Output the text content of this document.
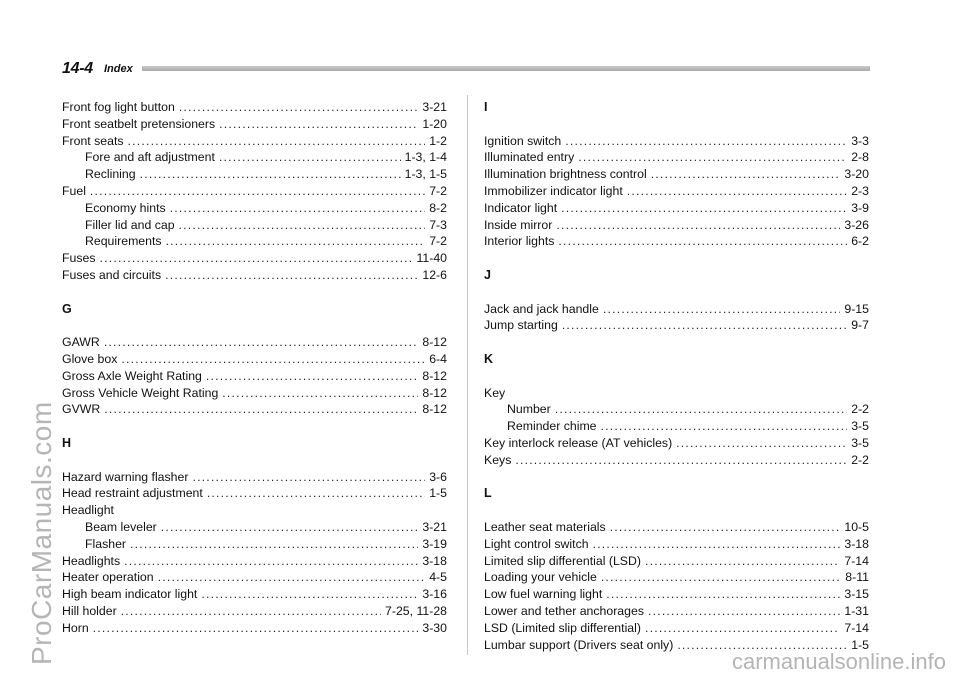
14-4 Index
Front fog light button .....	3-21
Front seatbelt pretensioners .....	1-20
Front seats .....	1-2
Fore and aft adjustment .....	1-3, 1-4
Reclining .....	1-3, 1-5
Fuel .....	7-2
Economy hints .....	8-2
Filler lid and cap .....	7-3
Requirements .....	7-2
Fuses .....	11-40
Fuses and circuits .....	12-6
G
GAWR .....	8-12
Glove box .....	6-4
Gross Axle Weight Rating .....	8-12
Gross Vehicle Weight Rating .....	8-12
GVWR .....	8-12
H
Hazard warning flasher .....	3-6
Head restraint adjustment .....	1-5
Headlight
Beam leveler .....	3-21
Flasher .....	3-19
Headlights .....	3-18
Heater operation .....	4-5
High beam indicator light .....	3-16
Hill holder .....	7-25, 11-28
Horn .....	3-30
I
Ignition switch .....	3-3
Illuminated entry .....	2-8
Illumination brightness control .....	3-20
Immobilizer indicator light .....	2-3
Indicator light .....	3-9
Inside mirror .....	3-26
Interior lights .....	6-2
J
Jack and jack handle .....	9-15
Jump starting .....	9-7
K
Key
Number .....	2-2
Reminder chime .....	3-5
Key interlock release (AT vehicles) .....	3-5
Keys .....	2-2
L
Leather seat materials .....	10-5
Light control switch .....	3-18
Limited slip differential (LSD) .....	7-14
Loading your vehicle .....	8-11
Low fuel warning light .....	3-15
Lower and tether anchorages .....	1-31
LSD (Limited slip differential) .....	7-14
Lumbar support (Drivers seat only) .....	1-5
ProCarManuals.com	carmanualsonline.info
